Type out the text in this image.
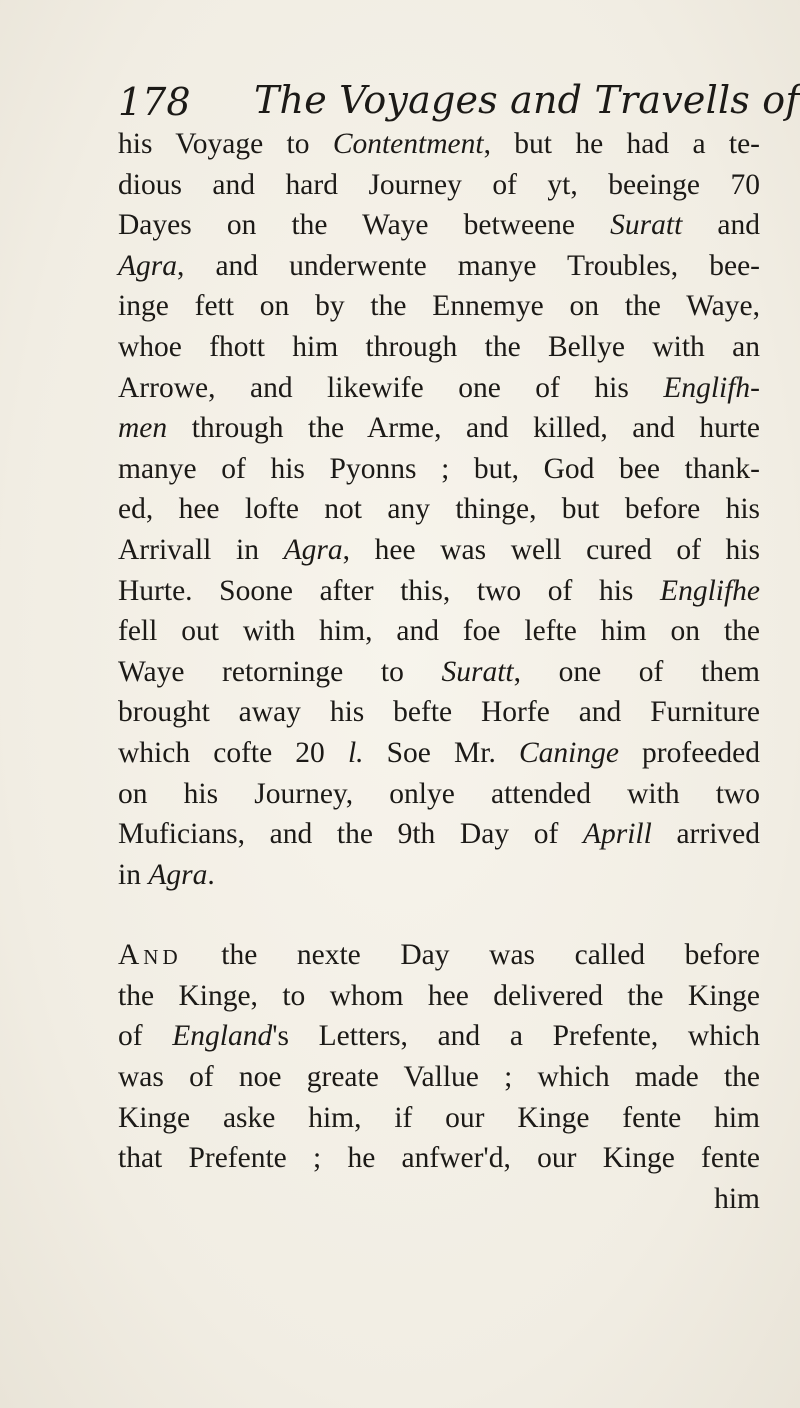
178 The Voyages and Travells of
his Voyage to Contentment, but he had a te-
dious and hard Journey of yt, beeinge 70
Dayes on the Waye betweene Suratt and
Agra, and underwente manye Troubles, bee-
inge fett on by the Ennemye on the Waye,
whoe fhott him through the Bellye with an
Arrowe, and likewife one of his Englifh-
men through the Arme, and killed, and hurte
manye of his Pyonns ; but, God bee thank-
ed, hee lofte not any thinge, but before his
Arrivall in Agra, hee was well cured of his
Hurte. Soone after this, two of his Englifhe
fell out with him, and foe lefte him on the
Waye retorninge to Suratt, one of them
brought away his befte Horfe and Furniture
which cofte 20 l. Soe Mr. Caninge profeeded
on his Journey, onlye attended with two
Muficians, and the 9th Day of Aprill arrived
in Agra.
And the nexte Day was called before
the Kinge, to whom hee delivered the Kinge
of England's Letters, and a Prefente, which
was of noe greate Vallue ; which made the
Kinge aske him, if our Kinge fente him
that Prefente ; he anfwer'd, our Kinge fente
him
